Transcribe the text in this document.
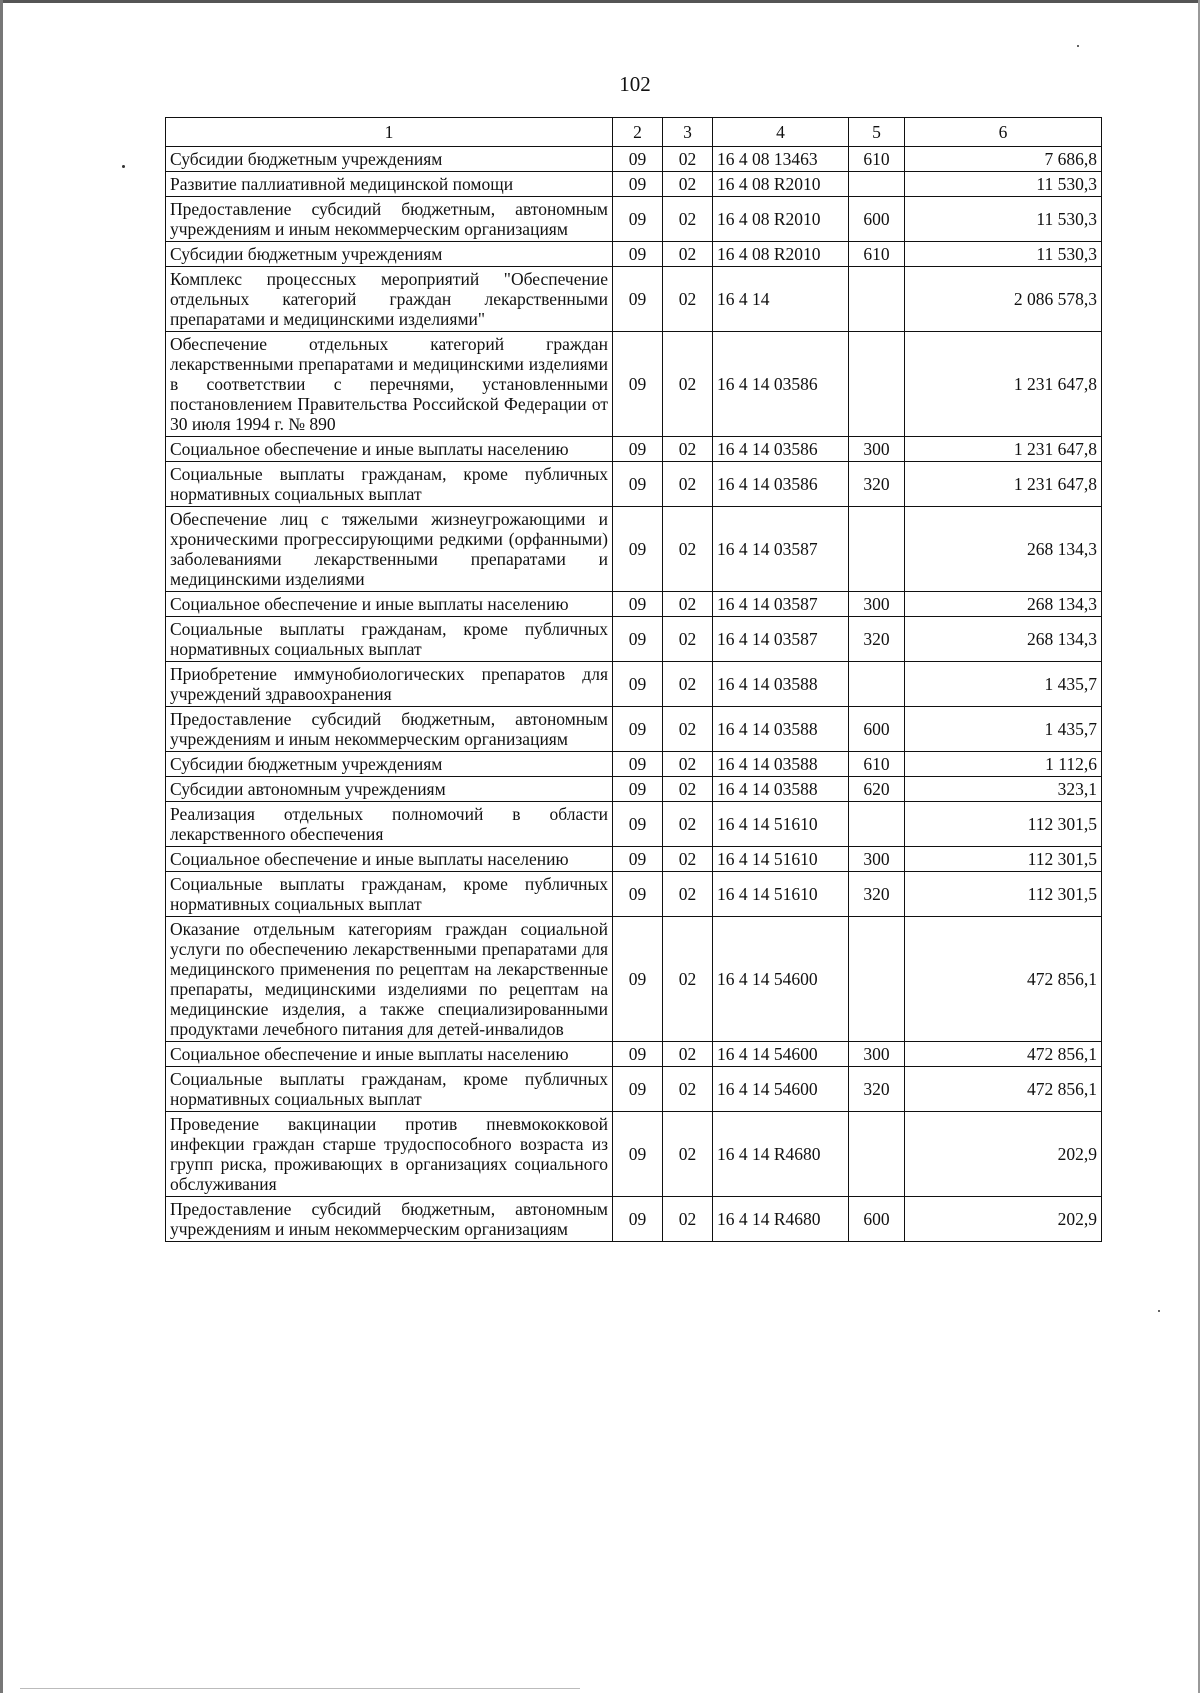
102
1	2	3	4	5	6
Субсидии бюджетным учреждениям	09	02	16 4 08 13463	610	7 686,8
Развитие паллиативной медицинской помощи	09	02	16 4 08 R2010		11 530,3
Предоставление субсидий бюджетным, автономным учреждениям и иным некоммерческим организациям	09	02	16 4 08 R2010	600	11 530,3
Субсидии бюджетным учреждениям	09	02	16 4 08 R2010	610	11 530,3
Комплекс процессных мероприятий "Обеспечение отдельных категорий граждан лекарственными препаратами и медицинскими изделиями"	09	02	16 4 14		2 086 578,3
Обеспечение отдельных категорий граждан лекарственными препаратами и медицинскими изделиями в соответствии с перечнями, установленными постановлением Правительства Российской Федерации от 30 июля 1994 г. № 890	09	02	16 4 14 03586		1 231 647,8
Социальное обеспечение и иные выплаты населению	09	02	16 4 14 03586	300	1 231 647,8
Социальные выплаты гражданам, кроме публичных нормативных социальных выплат	09	02	16 4 14 03586	320	1 231 647,8
Обеспечение лиц с тяжелыми жизнеугрожающими и хроническими прогрессирующими редкими (орфанными) заболеваниями лекарственными препаратами и медицинскими изделиями	09	02	16 4 14 03587		268 134,3
Социальное обеспечение и иные выплаты населению	09	02	16 4 14 03587	300	268 134,3
Социальные выплаты гражданам, кроме публичных нормативных социальных выплат	09	02	16 4 14 03587	320	268 134,3
Приобретение иммунобиологических препаратов для учреждений здравоохранения	09	02	16 4 14 03588		1 435,7
Предоставление субсидий бюджетным, автономным учреждениям и иным некоммерческим организациям	09	02	16 4 14 03588	600	1 435,7
Субсидии бюджетным учреждениям	09	02	16 4 14 03588	610	1 112,6
Субсидии автономным учреждениям	09	02	16 4 14 03588	620	323,1
Реализация отдельных полномочий в области лекарственного обеспечения	09	02	16 4 14 51610		112 301,5
Социальное обеспечение и иные выплаты населению	09	02	16 4 14 51610	300	112 301,5
Социальные выплаты гражданам, кроме публичных нормативных социальных выплат	09	02	16 4 14 51610	320	112 301,5
Оказание отдельным категориям граждан социальной услуги по обеспечению лекарственными препаратами для медицинского применения по рецептам на лекарственные препараты, медицинскими изделиями по рецептам на медицинские изделия, а также специализированными продуктами лечебного питания для детей-инвалидов	09	02	16 4 14 54600		472 856,1
Социальное обеспечение и иные выплаты населению	09	02	16 4 14 54600	300	472 856,1
Социальные выплаты гражданам, кроме публичных нормативных социальных выплат	09	02	16 4 14 54600	320	472 856,1
Проведение вакцинации против пневмококковой инфекции граждан старше трудоспособного возраста из групп риска, проживающих в организациях социального обслуживания	09	02	16 4 14 R4680		202,9
Предоставление субсидий бюджетным, автономным учреждениям и иным некоммерческим организациям	09	02	16 4 14 R4680	600	202,9
